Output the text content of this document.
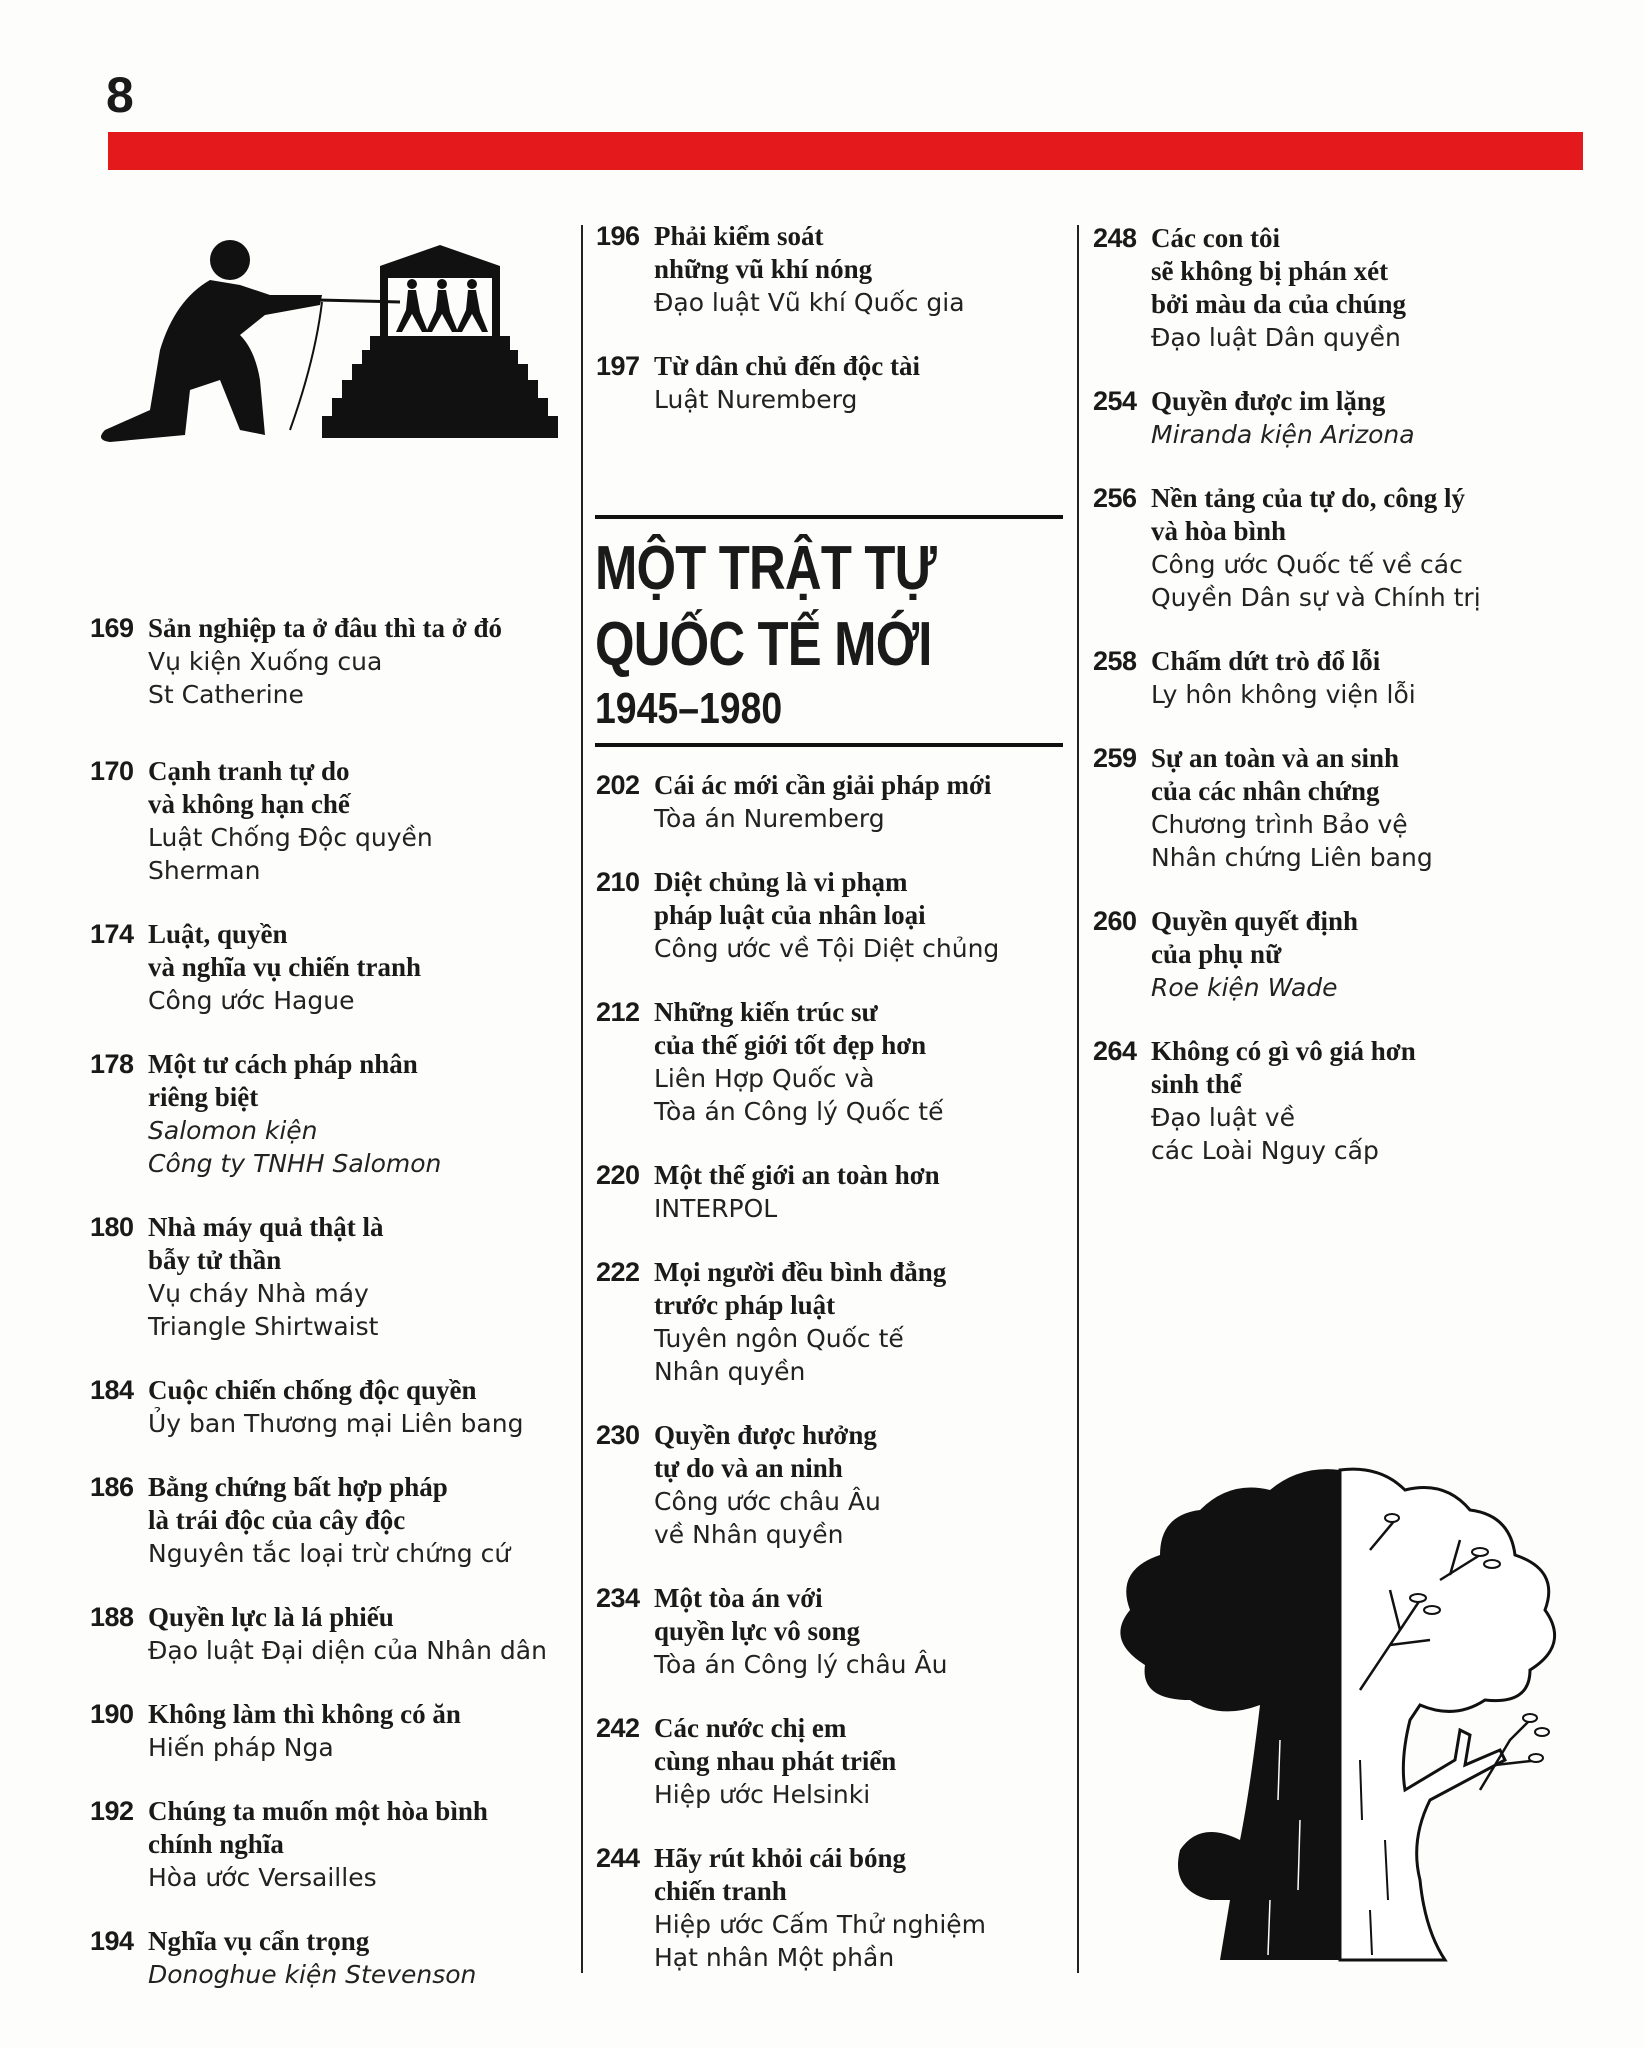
8
MỘT TRẬT TỰ
QUỐC TẾ MỚI
1945–1980
169 Sản nghiệp ta ở đâu thì ta ở đó
Vụ kiện Xuống cua
St Catherine
170 Cạnh tranh tự do
và không hạn chế
Luật Chống Độc quyền
Sherman
174 Luật, quyền
và nghĩa vụ chiến tranh
Công ước Hague
178 Một tư cách pháp nhân
riêng biệt
Salomon kiện
Công ty TNHH Salomon
180 Nhà máy quả thật là
bẫy tử thần
Vụ cháy Nhà máy
Triangle Shirtwaist
184 Cuộc chiến chống độc quyền
Ủy ban Thương mại Liên bang
186 Bằng chứng bất hợp pháp
là trái độc của cây độc
Nguyên tắc loại trừ chứng cứ
188 Quyền lực là lá phiếu
Đạo luật Đại diện của Nhân dân
190 Không làm thì không có ăn
Hiến pháp Nga
192 Chúng ta muốn một hòa bình
chính nghĩa
Hòa ước Versailles
194 Nghĩa vụ cẩn trọng
Donoghue kiện Stevenson
196 Phải kiểm soát
những vũ khí nóng
Đạo luật Vũ khí Quốc gia
197 Từ dân chủ đến độc tài
Luật Nuremberg
202 Cái ác mới cần giải pháp mới
Tòa án Nuremberg
210 Diệt chủng là vi phạm
pháp luật của nhân loại
Công ước về Tội Diệt chủng
212 Những kiến trúc sư
của thế giới tốt đẹp hơn
Liên Hợp Quốc và
Tòa án Công lý Quốc tế
220 Một thế giới an toàn hơn
INTERPOL
222 Mọi người đều bình đẳng
trước pháp luật
Tuyên ngôn Quốc tế
Nhân quyền
230 Quyền được hưởng
tự do và an ninh
Công ước châu Âu
về Nhân quyền
234 Một tòa án với
quyền lực vô song
Tòa án Công lý châu Âu
242 Các nước chị em
cùng nhau phát triển
Hiệp ước Helsinki
244 Hãy rút khỏi cái bóng
chiến tranh
Hiệp ước Cấm Thử nghiệm
Hạt nhân Một phần
248 Các con tôi
sẽ không bị phán xét
bởi màu da của chúng
Đạo luật Dân quyền
254 Quyền được im lặng
Miranda kiện Arizona
256 Nền tảng của tự do, công lý
và hòa bình
Công ước Quốc tế về các
Quyền Dân sự và Chính trị
258 Chấm dứt trò đổ lỗi
Ly hôn không viện lỗi
259 Sự an toàn và an sinh
của các nhân chứng
Chương trình Bảo vệ
Nhân chứng Liên bang
260 Quyền quyết định
của phụ nữ
Roe kiện Wade
264 Không có gì vô giá hơn
sinh thể
Đạo luật về
các Loài Nguy cấp
